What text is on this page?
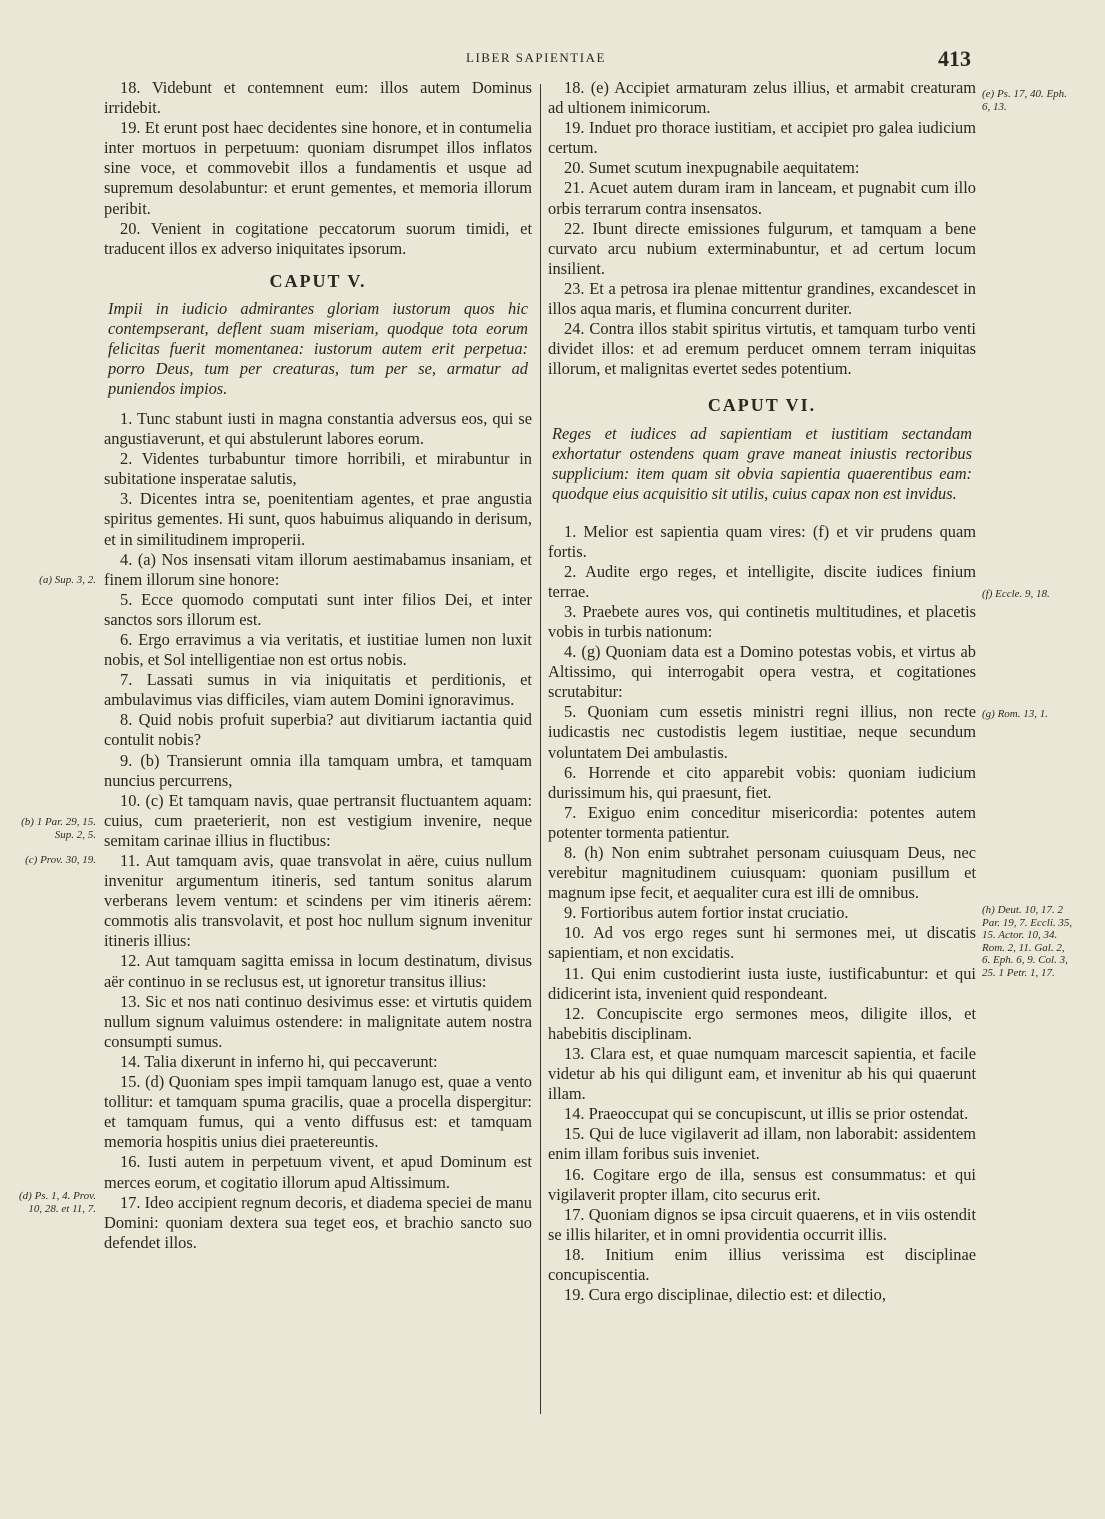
LIBER SAPIENTIAE	413

18. Videbunt et contemnent eum: illos autem Dominus irridebit.

19. Et erunt post haec decidentes sine honore, et in contumelia inter mortuos in perpetuum: quoniam disrumpet illos inflatos sine voce, et commovebit illos a fundamentis et usque ad supremum desolabuntur: et erunt gementes, et memoria illorum peribit.

20. Venient in cogitatione peccatorum suorum timidi, et traducent illos ex adverso iniquitates ipsorum.

CAPUT V.

Impii in iudicio admirantes gloriam iustorum quos hic contempserant, deflent suam miseriam, quodque tota eorum felicitas fuerit momentanea: iustorum autem erit perpetua: porro Deus, tum per creaturas, tum per se, armatur ad puniendos impios.

1. Tunc stabunt iusti in magna constantia adversus eos, qui se angustiaverunt, et qui abstulerunt labores eorum.

2. Videntes turbabuntur timore horribili, et mirabuntur in subitatione insperatae salutis,

3. Dicentes intra se, poenitentiam agentes, et prae angustia spiritus gementes. Hi sunt, quos habuimus aliquando in derisum, et in similitudinem improperii.

4. (a) Nos insensati vitam illorum aestimabamus insaniam, et finem illorum sine honore:

5. Ecce quomodo computati sunt inter filios Dei, et inter sanctos sors illorum est.

6. Ergo erravimus a via veritatis, et iustitiae lumen non luxit nobis, et Sol intelligentiae non est ortus nobis.

7. Lassati sumus in via iniquitatis et perditionis, et ambulavimus vias difficiles, viam autem Domini ignoravimus.

8. Quid nobis profuit superbia? aut divitiarum iactantia quid contulit nobis?

9. (b) Transierunt omnia illa tamquam umbra, et tamquam nuncius percurrens,

10. (c) Et tamquam navis, quae pertransit fluctuantem aquam: cuius, cum praeterierit, non est vestigium invenire, neque semitam carinae illius in fluctibus:

11. Aut tamquam avis, quae transvolat in aëre, cuius nullum invenitur argumentum itineris, sed tantum sonitus alarum verberans levem ventum: et scindens per vim itineris aërem: commotis alis transvolavit, et post hoc nullum signum invenitur itineris illius:

12. Aut tamquam sagitta emissa in locum destinatum, divisus aër continuo in se reclusus est, ut ignoretur transitus illius:

13. Sic et nos nati continuo desivimus esse: et virtutis quidem nullum signum valuimus ostendere: in malignitate autem nostra consumpti sumus.

14. Talia dixerunt in inferno hi, qui peccaverunt:

15. (d) Quoniam spes impii tamquam lanugo est, quae a vento tollitur: et tamquam spuma gracilis, quae a procella dispergitur: et tamquam fumus, qui a vento diffusus est: et tamquam memoria hospitis unius diei praetereuntis.

16. Iusti autem in perpetuum vivent, et apud Dominum est merces eorum, et cogitatio illorum apud Altissimum.

17. Ideo accipient regnum decoris, et diadema speciei de manu Domini: quoniam dextera sua teget eos, et brachio sancto suo defendet illos.

18. (e) Accipiet armaturam zelus illius, et armabit creaturam ad ultionem inimicorum.

19. Induet pro thorace iustitiam, et accipiet pro galea iudicium certum.

20. Sumet scutum inexpugnabile aequitatem:

21. Acuet autem duram iram in lanceam, et pugnabit cum illo orbis terrarum contra insensatos.

22. Ibunt directe emissiones fulgurum, et tamquam a bene curvato arcu nubium exterminabuntur, et ad certum locum insilient.

23. Et a petrosa ira plenae mittentur grandines, excandescet in illos aqua maris, et flumina concurrent duriter.

24. Contra illos stabit spiritus virtutis, et tamquam turbo venti dividet illos: et ad eremum perducet omnem terram iniquitas illorum, et malignitas evertet sedes potentium.

CAPUT VI.

Reges et iudices ad sapientiam et iustitiam sectandam exhortatur ostendens quam grave maneat iniustis rectoribus supplicium: item quam sit obvia sapientia quaerentibus eam: quodque eius acquisitio sit utilis, cuius capax non est invidus.

1. Melior est sapientia quam vires: (f) et vir prudens quam fortis.

2. Audite ergo reges, et intelligite, discite iudices finium terrae.

3. Praebete aures vos, qui continetis multitudines, et placetis vobis in turbis nationum:

4. (g) Quoniam data est a Domino potestas vobis, et virtus ab Altissimo, qui interrogabit opera vestra, et cogitationes scrutabitur:

5. Quoniam cum essetis ministri regni illius, non recte iudicastis nec custodistis legem iustitiae, neque secundum voluntatem Dei ambulastis.

6. Horrende et cito apparebit vobis: quoniam iudicium durissimum his, qui praesunt, fiet.

7. Exiguo enim conceditur misericordia: potentes autem potenter tormenta patientur.

8. (h) Non enim subtrahet personam cuiusquam Deus, nec verebitur magnitudinem cuiusquam: quoniam pusillum et magnum ipse fecit, et aequaliter cura est illi de omnibus.

9. Fortioribus autem fortior instat cruciatio.

10. Ad vos ergo reges sunt hi sermones mei, ut discatis sapientiam, et non excidatis.

11. Qui enim custodierint iusta iuste, iustificabuntur: et qui didicerint ista, invenient quid respondeant.

12. Concupiscite ergo sermones meos, diligite illos, et habebitis disciplinam.

13. Clara est, et quae numquam marcescit sapientia, et facile videtur ab his qui diligunt eam, et invenitur ab his qui quaerunt illam.

14. Praeoccupat qui se concupiscunt, ut illis se prior ostendat.

15. Qui de luce vigilaverit ad illam, non laborabit: assidentem enim illam foribus suis inveniet.

16. Cogitare ergo de illa, sensus est consummatus: et qui vigilaverit propter illam, cito securus erit.

17. Quoniam dignos se ipsa circuit quaerens, et in viis ostendit se illis hilariter, et in omni providentia occurrit illis.

18. Initium enim illius verissima est disciplinae concupiscentia.

19. Cura ergo disciplinae, dilectio est: et dilectio,

(a) Sup. 3, 2.
(b) 1 Par. 29, 15. Sup. 2, 5.
(c) Prov. 30, 19.
(d) Ps. 1, 4. Prov. 10, 28. et 11, 7.
(e) Ps. 17, 40. Eph. 6, 13.
(f) Eccle. 9, 18.
(g) Rom. 13, 1.
(h) Deut. 10, 17. 2 Par. 19, 7. Eccli. 35, 15. Actor. 10, 34. Rom. 2, 11. Gal. 2, 6. Eph. 6, 9. Col. 3, 25. 1 Petr. 1, 17.
